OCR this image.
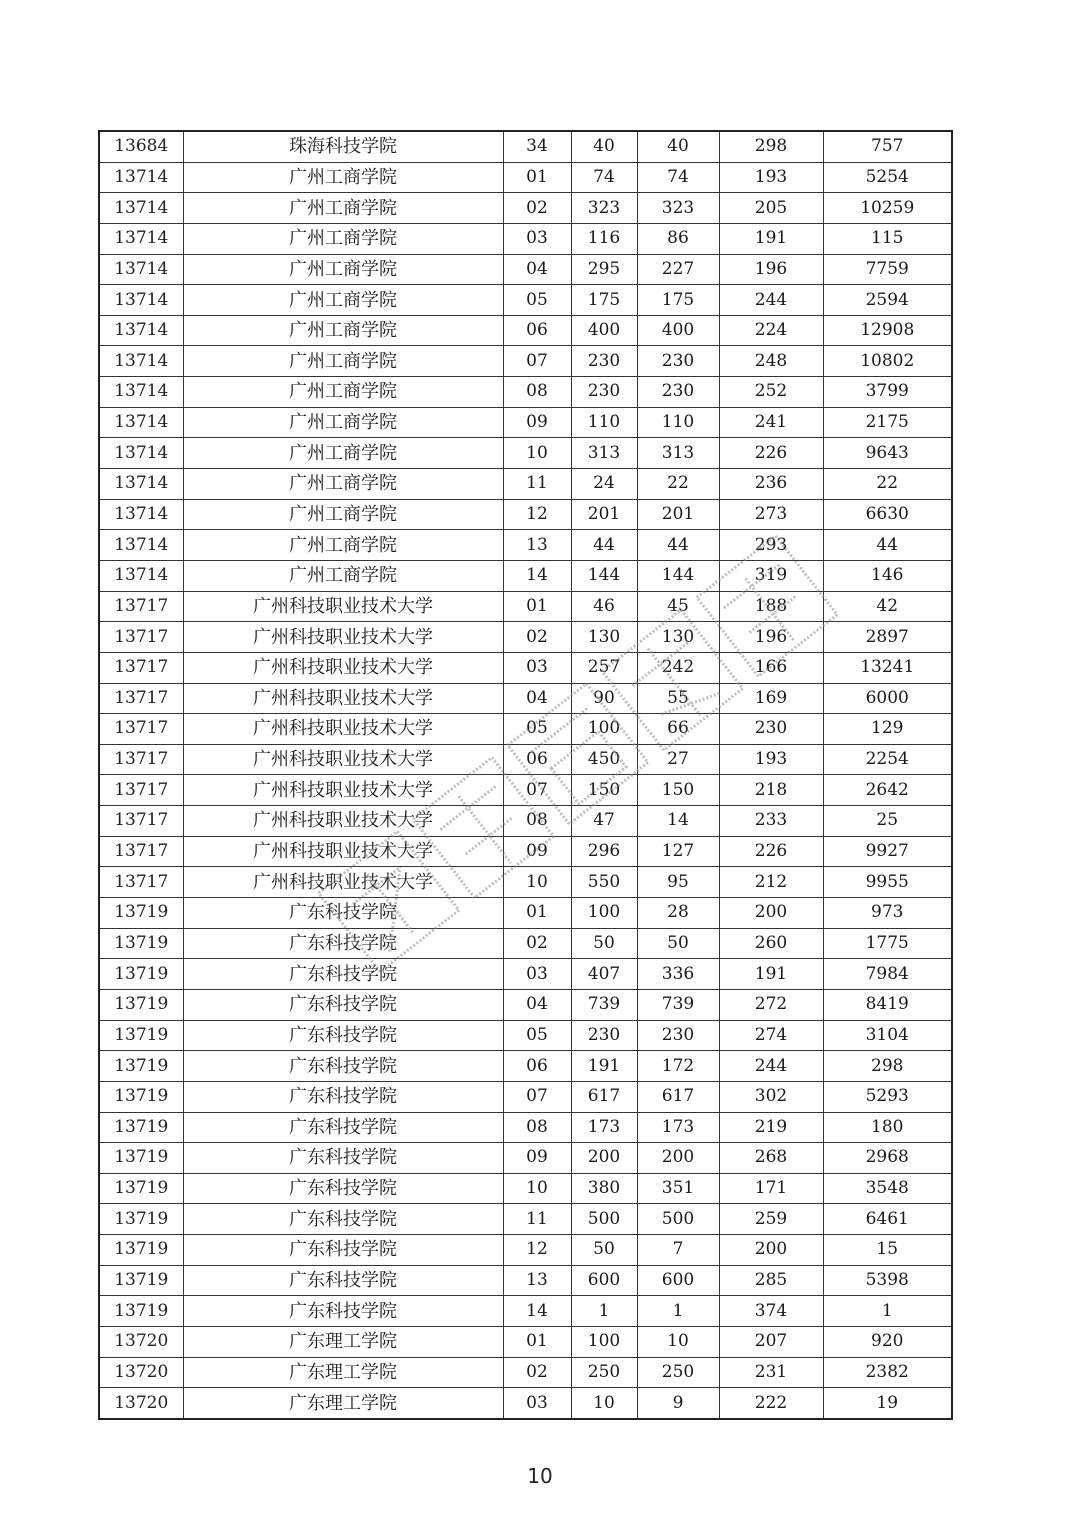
13684	珠海科技学院	34	40	40	298	757
13714	广州工商学院	01	74	74	193	5254
13714	广州工商学院	02	323	323	205	10259
13714	广州工商学院	03	116	86	191	115
13714	广州工商学院	04	295	227	196	7759
13714	广州工商学院	05	175	175	244	2594
13714	广州工商学院	06	400	400	224	12908
13714	广州工商学院	07	230	230	248	10802
13714	广州工商学院	08	230	230	252	3799
13714	广州工商学院	09	110	110	241	2175
13714	广州工商学院	10	313	313	226	9643
13714	广州工商学院	11	24	22	236	22
13714	广州工商学院	12	201	201	273	6630
13714	广州工商学院	13	44	44	293	44
13714	广州工商学院	14	144	144	319	146
13717	广州科技职业技术大学	01	46	45	188	42
13717	广州科技职业技术大学	02	130	130	196	2897
13717	广州科技职业技术大学	03	257	242	166	13241
13717	广州科技职业技术大学	04	90	55	169	6000
13717	广州科技职业技术大学	05	100	66	230	129
13717	广州科技职业技术大学	06	450	27	193	2254
13717	广州科技职业技术大学	07	150	150	218	2642
13717	广州科技职业技术大学	08	47	14	233	25
13717	广州科技职业技术大学	09	296	127	226	9927
13717	广州科技职业技术大学	10	550	95	212	9955
13719	广东科技学院	01	100	28	200	973
13719	广东科技学院	02	50	50	260	1775
13719	广东科技学院	03	407	336	191	7984
13719	广东科技学院	04	739	739	272	8419
13719	广东科技学院	05	230	230	274	3104
13719	广东科技学院	06	191	172	244	298
13719	广东科技学院	07	617	617	302	5293
13719	广东科技学院	08	173	173	219	180
13719	广东科技学院	09	200	200	268	2968
13719	广东科技学院	10	380	351	171	3548
13719	广东科技学院	11	500	500	259	6461
13719	广东科技学院	12	50	7	200	15
13719	广东科技学院	13	600	600	285	5398
13719	广东科技学院	14	1	1	374	1
13720	广东理工学院	01	100	10	207	920
13720	广东理工学院	02	250	250	231	2382
13720	广东理工学院	03	10	9	222	19
10
